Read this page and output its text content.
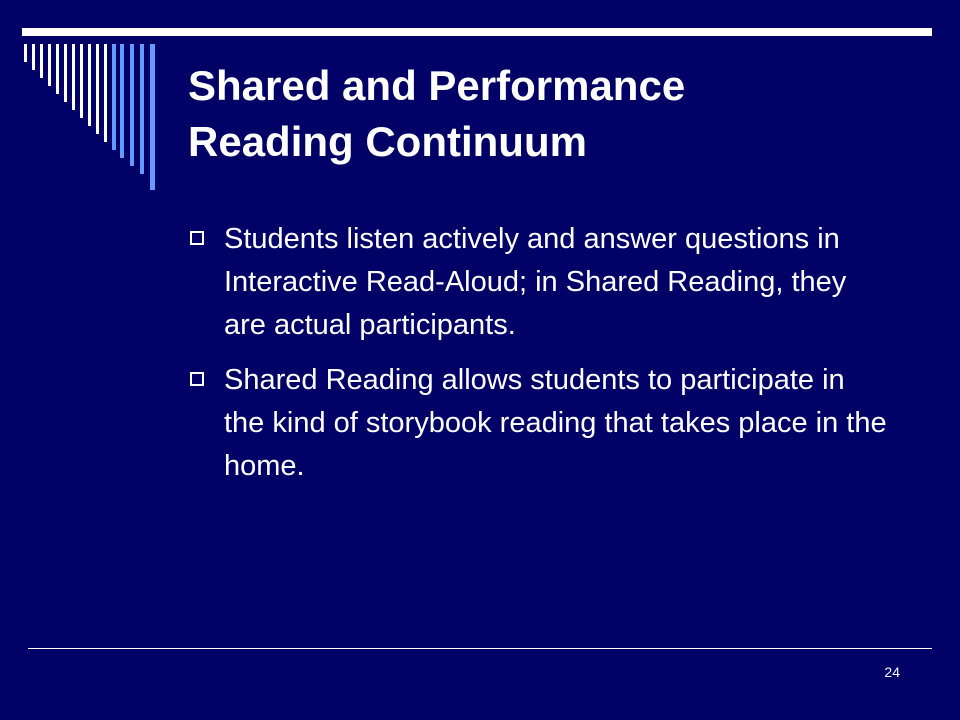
Shared and Performance
Reading Continuum
Students listen actively and answer questions in Interactive Read-Aloud; in Shared Reading, they are actual participants.
Shared Reading allows students to participate in the kind of storybook reading that takes place in the home.
24
